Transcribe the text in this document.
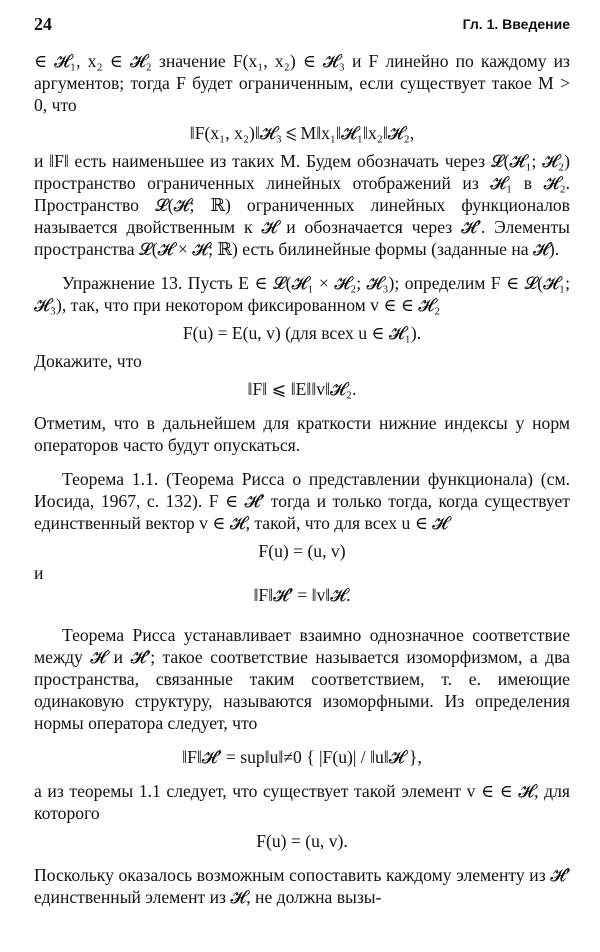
24	Гл. 1. Введение

∈ 𝓗₁, x₂ ∈ 𝓗₂ значение F(x₁, x₂) ∈ 𝓗₃ и F линейно по каждому из аргументов; тогда F будет ограниченным, если существует такое M > 0, что

‖F(x₁, x₂)‖𝓗₃ ⩽ M‖x₁‖𝓗₁‖x₂‖𝓗₂,

и ‖F‖ есть наименьшее из таких M. Будем обозначать через 𝓛(𝓗₁; 𝓗₂) пространство ограниченных линейных отображений из 𝓗₁ в 𝓗₂. Пространство 𝓛(𝓗; ℝ) ограниченных линейных функционалов называется двойственным к 𝓗 и обозначается через 𝓗′. Элементы пространства 𝓛(𝓗 × 𝓗; ℝ) есть билинейные формы (заданные на 𝓗).

Упражнение 13. Пусть E ∈ 𝓛(𝓗₁ × 𝓗₂; 𝓗₃); определим F ∈ 𝓛(𝓗₁; 𝓗₃), так, что при некотором фиксированном v ∈ ∈ 𝓗₂

F(u) = E(u, v) (для всех u ∈ 𝓗₁).

Докажите, что

‖F‖ ⩽ ‖E‖‖v‖𝓗₂.

Отметим, что в дальнейшем для краткости нижние индексы у норм операторов часто будут опускаться.

Теорема 1.1. (Теорема Рисса о представлении функционала) (см. Иосида, 1967, с. 132). F ∈ 𝓗′ тогда и только тогда, когда существует единственный вектор v ∈ 𝓗, такой, что для всех u ∈ 𝓗

F(u) = (u, v)

и

‖F‖𝓗′ = ‖v‖𝓗.

Теорема Рисса устанавливает взаимно однозначное соответствие между 𝓗 и 𝓗′; такое соответствие называется изоморфизмом, а два пространства, связанные таким соответствием, т. е. имеющие одинаковую структуру, называются изоморфными. Из определения нормы оператора следует, что

‖F‖𝓗′ = sup‖u‖≠0 { |F(u)| / ‖u‖𝓗 },

а из теоремы 1.1 следует, что существует такой элемент v ∈ ∈ 𝓗, для которого

F(u) = (u, v).

Поскольку оказалось возможным сопоставить каждому элементу из 𝓗′ единственный элемент из 𝓗, не должна вызы-
